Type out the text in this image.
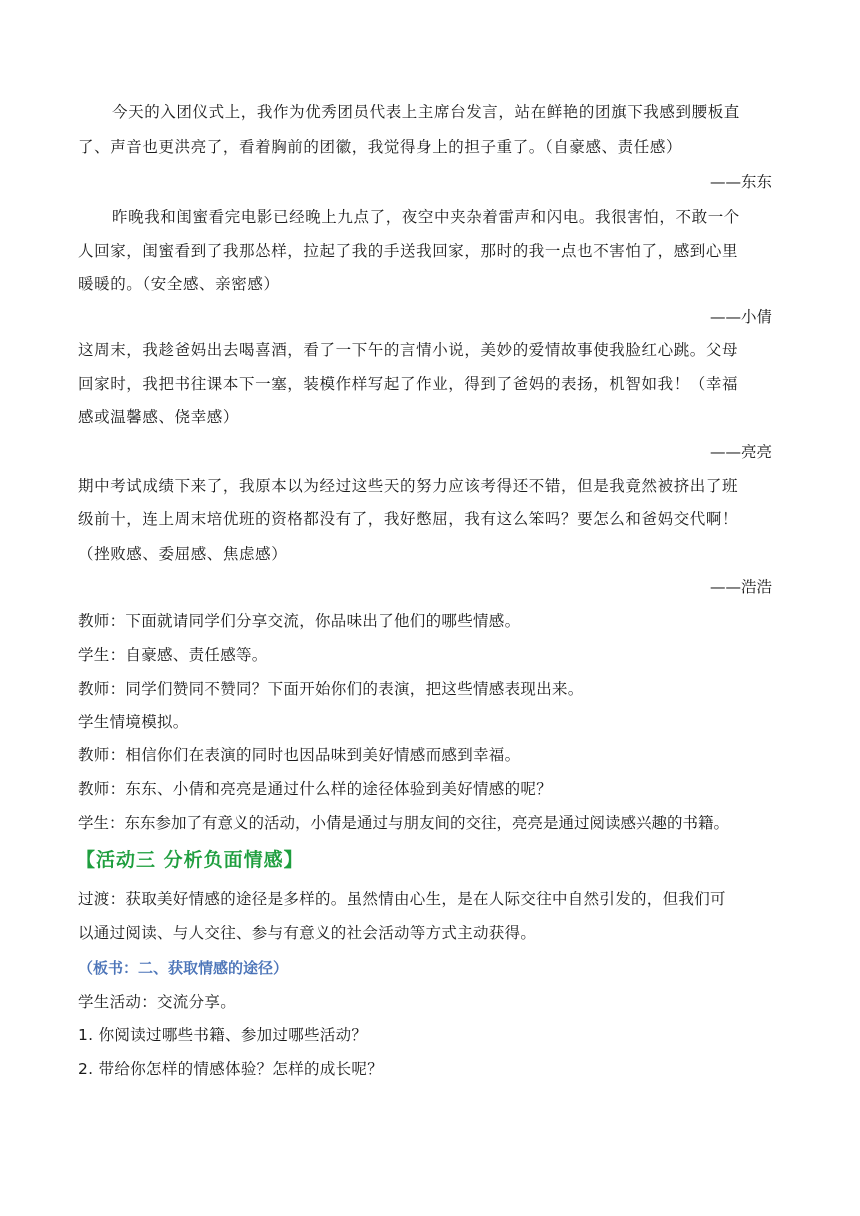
今天的入团仪式上，我作为优秀团员代表上主席台发言，站在鲜艳的团旗下我感到腰板直
了、声音也更洪亮了，看着胸前的团徽，我觉得身上的担子重了。（自豪感、责任感）
——东东
昨晚我和闺蜜看完电影已经晚上九点了，夜空中夹杂着雷声和闪电。我很害怕，不敢一个
人回家，闺蜜看到了我那怂样，拉起了我的手送我回家，那时的我一点也不害怕了，感到心里
暖暖的。（安全感、亲密感）
——小倩
这周末，我趁爸妈出去喝喜酒，看了一下午的言情小说，美妙的爱情故事使我脸红心跳。父母
回家时，我把书往课本下一塞，装模作样写起了作业，得到了爸妈的表扬，机智如我！（幸福
感或温馨感、侥幸感）
——亮亮
期中考试成绩下来了，我原本以为经过这些天的努力应该考得还不错，但是我竟然被挤出了班
级前十，连上周末培优班的资格都没有了，我好憋屈，我有这么笨吗？要怎么和爸妈交代啊！
（挫败感、委屈感、焦虑感）
——浩浩
教师：下面就请同学们分享交流，你品味出了他们的哪些情感。
学生：自豪感、责任感等。
教师：同学们赞同不赞同？下面开始你们的表演，把这些情感表现出来。
学生情境模拟。
教师：相信你们在表演的同时也因品味到美好情感而感到幸福。
教师：东东、小倩和亮亮是通过什么样的途径体验到美好情感的呢？
学生：东东参加了有意义的活动，小倩是通过与朋友间的交往，亮亮是通过阅读感兴趣的书籍。
【活动三 分析负面情感】
过渡：获取美好情感的途径是多样的。虽然情由心生，是在人际交往中自然引发的，但我们可
以通过阅读、与人交往、参与有意义的社会活动等方式主动获得。
（板书：二、获取情感的途径）
学生活动：交流分享。
1. 你阅读过哪些书籍、参加过哪些活动？
2. 带给你怎样的情感体验？怎样的成长呢？
